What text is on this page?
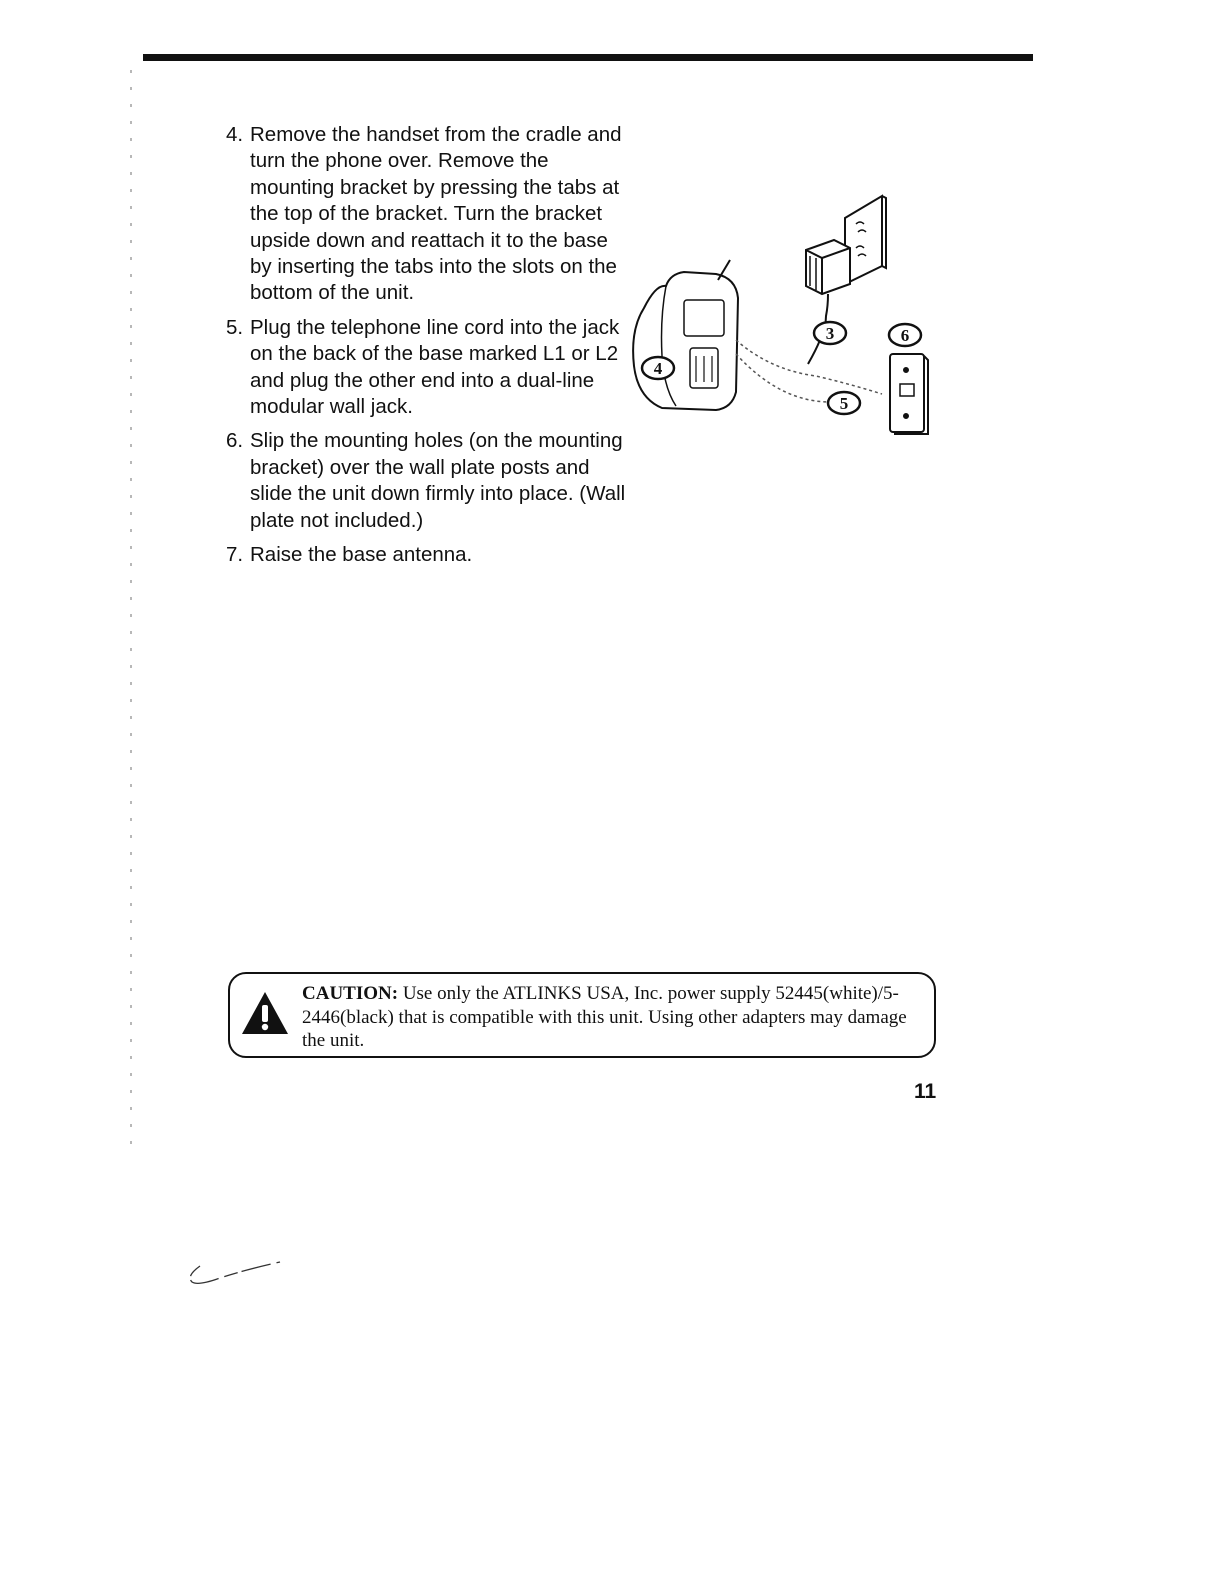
4. Remove the handset from the cradle and turn the phone over. Remove the mounting bracket by pressing the tabs at the top of the bracket. Turn the bracket upside down and reattach it to the base by inserting the tabs into the slots on the bottom of the unit.
5. Plug the telephone line cord into the jack on the back of the base marked L1 or L2 and plug the other end into a dual-line modular wall jack.
6. Slip the mounting holes (on the mounting bracket) over the wall plate posts and slide the unit down firmly into place. (Wall plate not included.)
7. Raise the base antenna.
3	6
4
5
CAUTION: Use only the ATLINKS USA, Inc. power supply 52445(white)/5-2446(black) that is compatible with this unit. Using other adapters may damage the unit.
11
